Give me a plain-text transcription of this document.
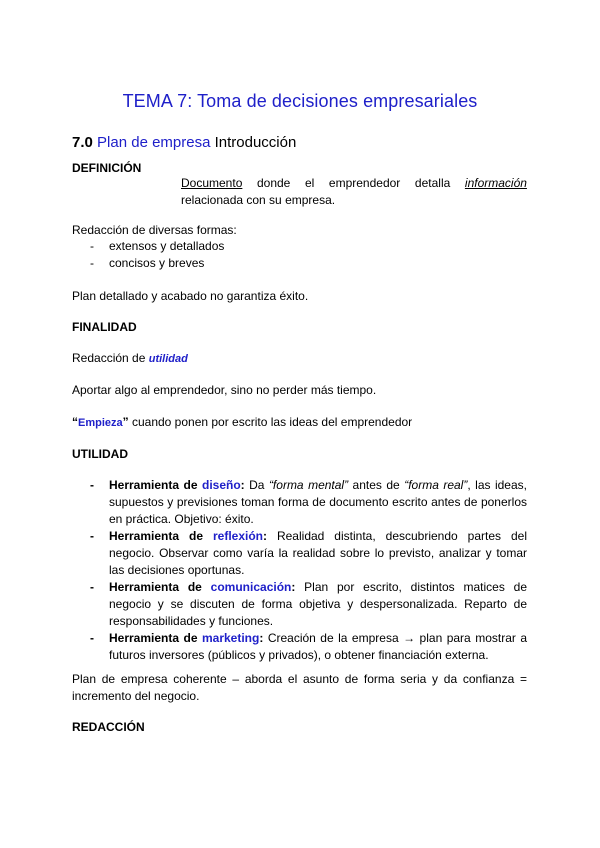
TEMA 7: Toma de decisiones empresariales
7.0 Plan de empresa Introducción
DEFINICIÓN
Documento donde el emprendedor detalla información
relacionada con su empresa.
Redacción de diversas formas:
-	extensos y detallados
-	concisos y breves
Plan detallado y acabado no garantiza éxito.
FINALIDAD
Redacción de utilidad
Aportar algo al emprendedor, sino no perder más tiempo.
“Empieza” cuando ponen por escrito las ideas del emprendedor
UTILIDAD
-	Herramienta de diseño: Da “forma mental” antes de “forma real”, las ideas, supuestos y previsiones toman forma de documento escrito antes de ponerlos en práctica. Objetivo: éxito.
-	Herramienta de reflexión: Realidad distinta, descubriendo partes del negocio. Observar como varía la realidad sobre lo previsto, analizar y tomar las decisiones oportunas.
-	Herramienta de comunicación: Plan por escrito, distintos matices de negocio y se discuten de forma objetiva y despersonalizada. Reparto de responsabilidades y funciones.
-	Herramienta de marketing: Creación de la empresa → plan para mostrar a futuros inversores (públicos y privados), o obtener financiación externa.
Plan de empresa coherente – aborda el asunto de forma seria y da confianza = incremento del negocio.
REDACCIÓN
